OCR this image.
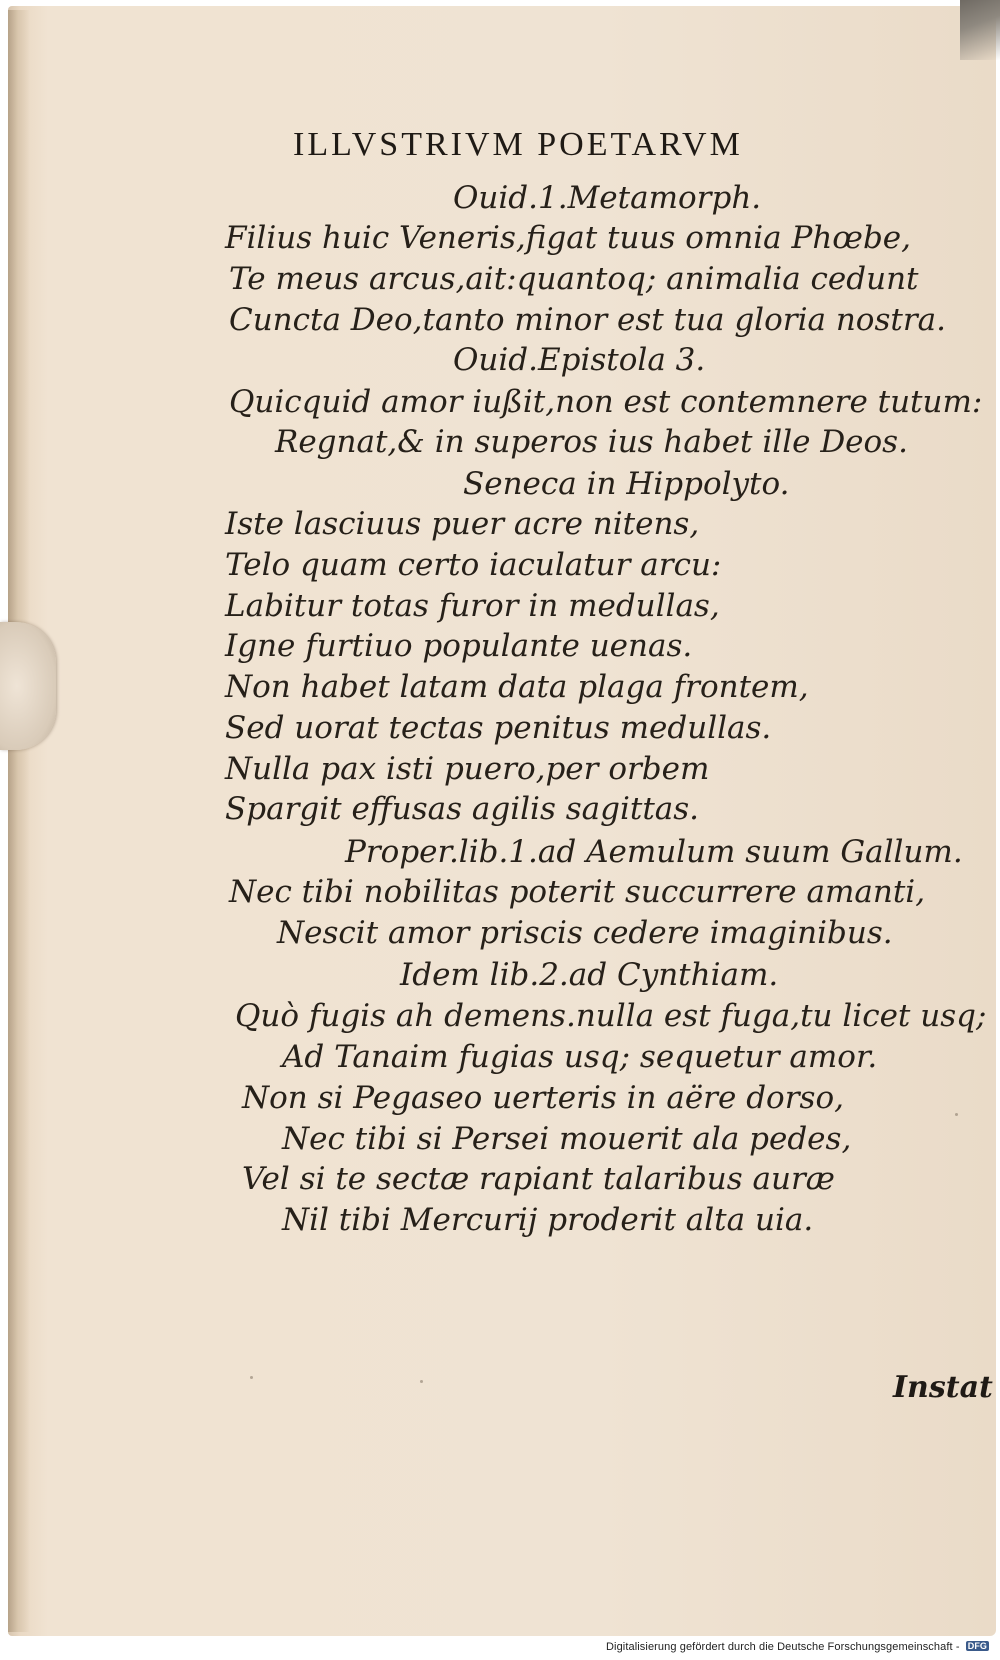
ILLVSTRIVM POETARVM
Ouid.1.Metamorph.
Filius huic Veneris,figat tuus omnia Phœbe,
Te meus arcus,ait:quantoq; animalia cedunt
Cuncta Deo,tanto minor est tua gloria nostra.
Ouid.Epistola 3.
Quicquid amor iußit,non est contemnere tutum:
Regnat,& in superos ius habet ille Deos.
Seneca in Hippolyto.
Iste lasciuus puer acre nitens,
Telo quam certo iaculatur arcu:
Labitur totas furor in medullas,
Igne furtiuo populante uenas.
Non habet latam data plaga frontem,
Sed uorat tectas penitus medullas.
Nulla pax isti puero,per orbem
Spargit effusas agilis sagittas.
Proper.lib.1.ad Aemulum suum Gallum.
Nec tibi nobilitas poterit succurrere amanti,
Nescit amor priscis cedere imaginibus.
Idem lib.2.ad Cynthiam.
Quò fugis ah demens.nulla est fuga,tu licet usq;
Ad Tanaim fugias usq; sequetur amor.
Non si Pegaseo uerteris in aëre dorso,
Nec tibi si Persei mouerit ala pedes,
Vel si te sectæ rapiant talaribus auræ
Nil tibi Mercurij proderit alta uia.
Instat
Digitalisierung gefördert durch die Deutsche Forschungsgemeinschaft - DFG
